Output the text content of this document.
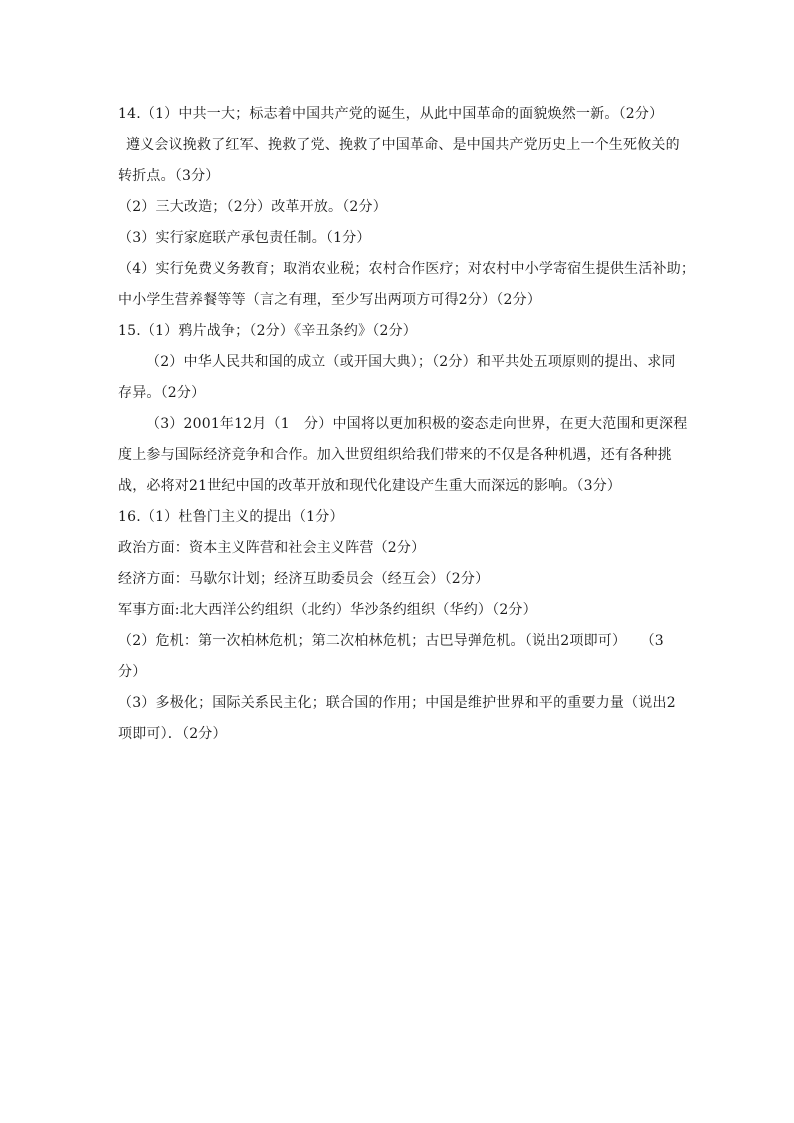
14.（1）中共一大；标志着中国共产党的诞生，从此中国革命的面貌焕然一新。（2分）
遵义会议挽救了红军、挽救了党、挽救了中国革命、是中国共产党历史上一个生死攸关的
转折点。（3分）
（2）三大改造；（2分）改革开放。（2分）
（3）实行家庭联产承包责任制。（1分）
（4）实行免费义务教育；取消农业税；农村合作医疗；对农村中小学寄宿生提供生活补助；
中小学生营养餐等等（言之有理，至少写出两项方可得2分）（2分）
15.（1）鸦片战争；（2分）《辛丑条约》（2分）
（2）中华人民共和国的成立（或开国大典）；（2分）和平共处五项原则的提出、求同
存异。（2分）
（3）2001年12月（1　分）中国将以更加积极的姿态走向世界，在更大范围和更深程
度上参与国际经济竞争和合作。加入世贸组织给我们带来的不仅是各种机遇，还有各种挑
战，必将对21世纪中国的改革开放和现代化建设产生重大而深远的影响。（3分）
16.（1）杜鲁门主义的提出（1分）
政治方面：资本主义阵营和社会主义阵营（2分）
经济方面：马歇尔计划；经济互助委员会（经互会）（2分）
军事方面:北大西洋公约组织（北约）华沙条约组织（华约）（2分）
（2）危机：第一次柏林危机；第二次柏林危机；古巴导弹危机。（说出2项即可）　　（3
分）
（3）多极化；国际关系民主化；联合国的作用；中国是维护世界和平的重要力量（说出2
项即可）．（2分）
